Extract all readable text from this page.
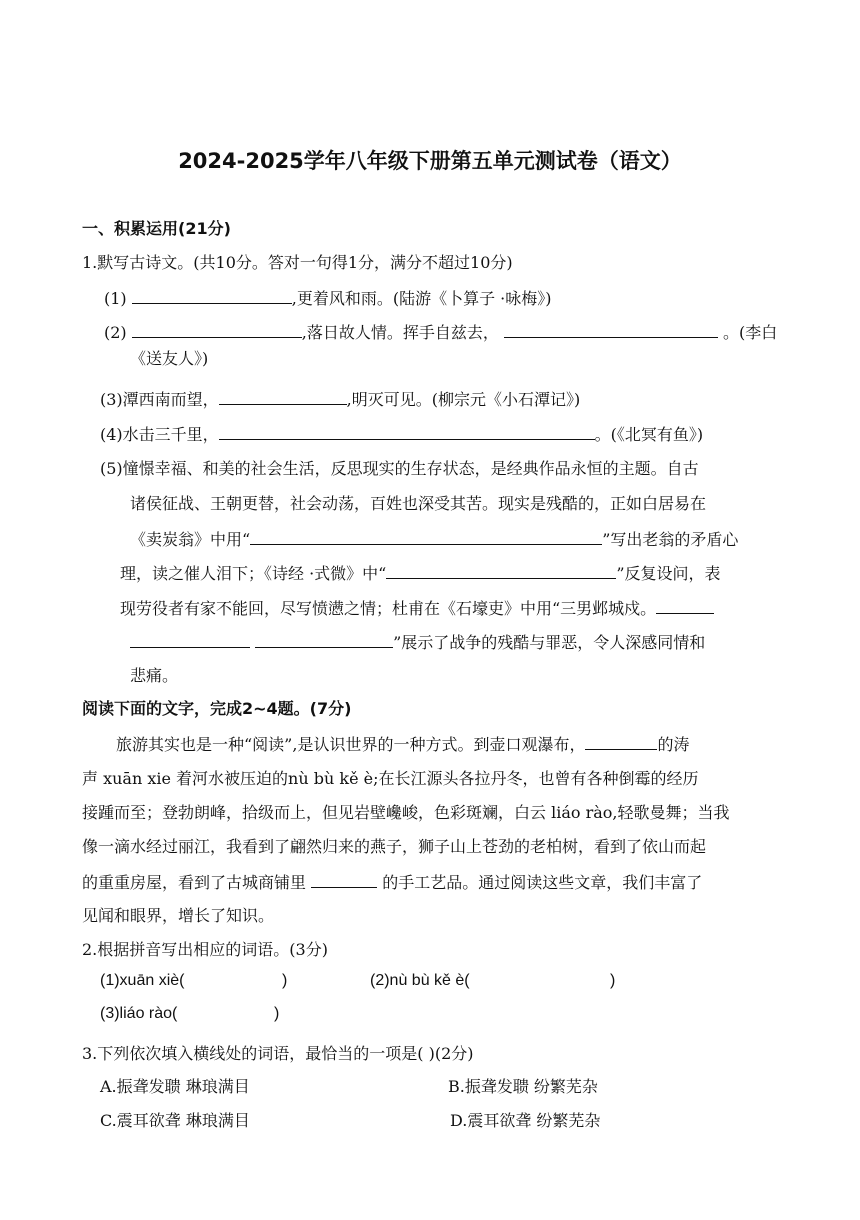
2024-2025学年八年级下册第五单元测试卷（语文）
一、积累运用(21分)
1.默写古诗文。(共10分。答对一句得1分，满分不超过10分)
(1)	,更着风和雨。(陆游《卜算子 ·咏梅》)
(2)	,落日故人情。挥手自兹去，	。(李白
《送友人》)
(3)潭西南而望，	,明灭可见。(柳宗元《小石潭记》)
(4)水击三千里，	。(《北冥有鱼》)
(5)憧憬幸福、和美的社会生活，反思现实的生存状态，是经典作品永恒的主题。自古
诸侯征战、王朝更替，社会动荡，百姓也深受其苦。现实是残酷的，正如白居易在
《卖炭翁》中用“	”写出老翁的矛盾心
理，读之催人泪下；《诗经 ·式微》中“	”反复设问，表
现劳役者有家不能回，尽写愤懑之情；杜甫在《石壕吏》中用“三男邺城戍。
”展示了战争的残酷与罪恶，令人深感同情和
悲痛。
阅读下面的文字，完成2~4题。(7分)
旅游其实也是一种“阅读”,是认识世界的一种方式。到壶口观瀑布，	的涛
声 xuān xie 着河水被压迫的nù bù kě è;在长江源头各拉丹冬，也曾有各种倒霉的经历
接踵而至；登勃朗峰，拾级而上，但见岩壁巉峻，色彩斑斓，白云 liáo rào,轻歌曼舞；当我
像一滴水经过丽江，我看到了翩然归来的燕子，狮子山上苍劲的老柏树，看到了依山而起
的重重房屋，看到了古城商铺里	的手工艺品。通过阅读这些文章，我们丰富了
见闻和眼界，增长了知识。
2.根据拼音写出相应的词语。(3分)
(1)xuān xiè(	)	(2)nù bù kě è(	)
(3)liáo rào(	)
3.下列依次填入横线处的词语，最恰当的一项是( )(2分)
A.振聋发聩 琳琅满目	B.振聋发聩 纷繁芜杂
C.震耳欲聋 琳琅满目	D.震耳欲聋 纷繁芜杂
